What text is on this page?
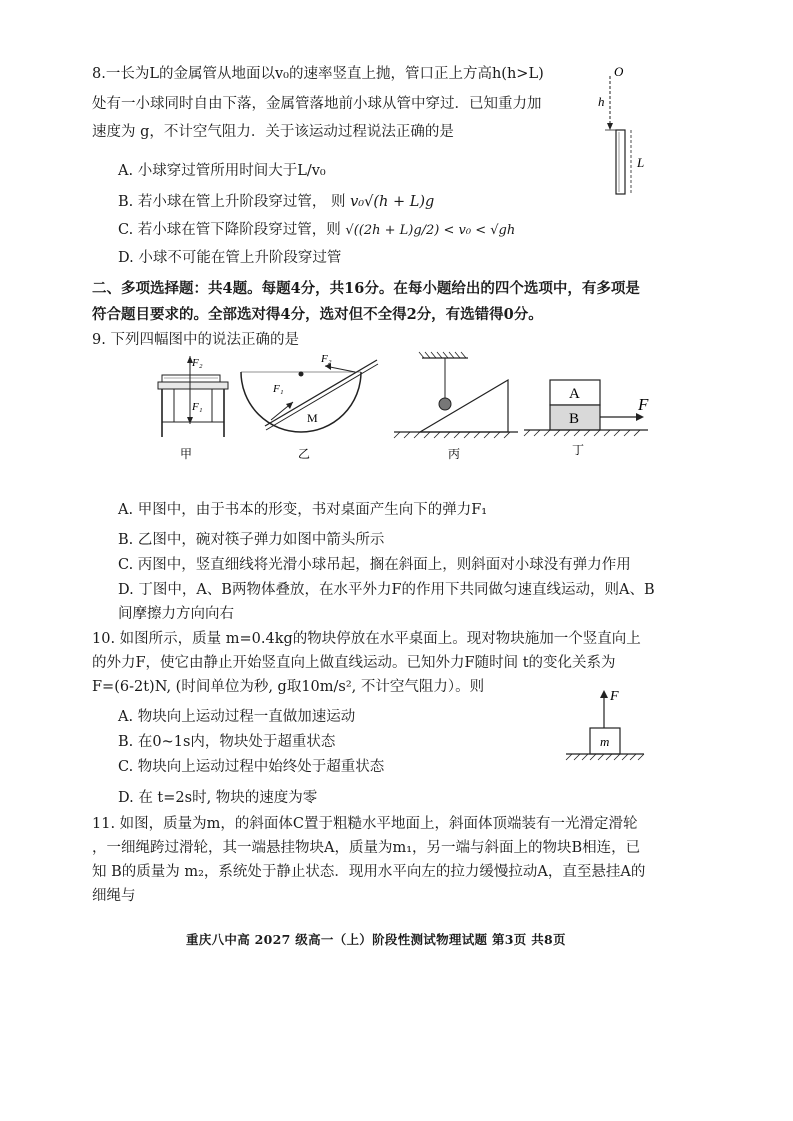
8.一长为L的金属管从地面以v₀的速率竖直上抛，管口正上方高h(h>L)
处有一小球同时自由下落，金属管落地前小球从管中穿过．已知重力加
速度为 g，不计空气阻力．关于该运动过程说法正确的是
A. 小球穿过管所用时间大于L/v₀
B. 若小球在管上升阶段穿过管， 则 v₀√(h + L)g
C. 若小球在管下降阶段穿过管，则 √((2h + L)g/2) < v₀ < √gh
D. 小球不可能在管上升阶段穿过管
O
h
L
二、多项选择题：共4题。每题4分，共16分。在每小题给出的四个选项中，有多项是
符合题目要求的。全部选对得4分，选对但不全得2分，有选错得0分。
9. 下列四幅图中的说法正确的是
F₂
F₁
甲
F₁
F₂
M
乙	丙
A
B
F
丁
A. 甲图中，由于书本的形变，书对桌面产生向下的弹力F₁
B. 乙图中，碗对筷子弹力如图中箭头所示
C. 丙图中，竖直细线将光滑小球吊起，搁在斜面上，则斜面对小球没有弹力作用
D. 丁图中，A、B两物体叠放，在水平外力F的作用下共同做匀速直线运动，则A、B
间摩擦力方向向右
10. 如图所示，质量 m=0.4kg的物块停放在水平桌面上。现对物块施加一个竖直向上
的外力F，使它由静止开始竖直向上做直线运动。已知外力F随时间 t的变化关系为
F=(6-2t)N, (时间单位为秒, g取10m/s², 不计空气阻力）。则
A. 物块向上运动过程一直做加速运动
B. 在0~1s内，物块处于超重状态
C. 物块向上运动过程中始终处于超重状态
D. 在 t=2s时, 物块的速度为零
F
m
11. 如图，质量为m，的斜面体C置于粗糙水平地面上，斜面体顶端装有一光滑定滑轮
，一细绳跨过滑轮，其一端悬挂物块A，质量为m₁，另一端与斜面上的物块B相连，已
知 B的质量为 m₂，系统处于静止状态．现用水平向左的拉力缓慢拉动A，直至悬挂A的
细绳与
重庆八中高 2027 级高一（上）阶段性测试物理试题 第3页 共8页
